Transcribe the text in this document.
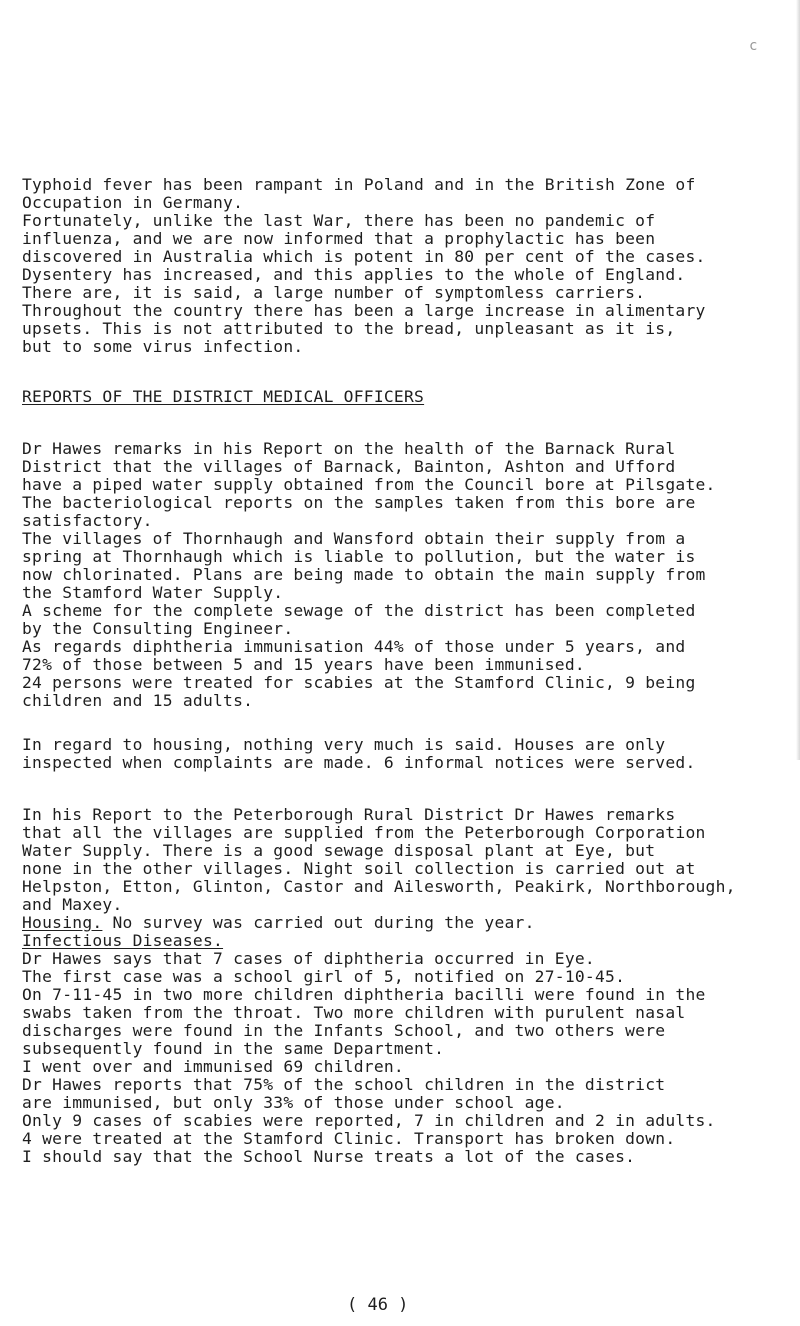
c
Typhoid fever has been rampant in Poland and in the British Zone of
Occupation in Germany.
Fortunately, unlike the last War, there has been no pandemic of
influenza, and we are now informed that a prophylactic has been
discovered in Australia which is potent in 80 per cent of the cases.
Dysentery has increased, and this applies to the whole of England.
There are, it is said, a large number of symptomless carriers.
Throughout the country there has been a large increase in alimentary
upsets. This is not attributed to the bread, unpleasant as it is,
but to some virus infection.
REPORTS OF THE DISTRICT MEDICAL OFFICERS
Dr Hawes remarks in his Report on the health of the Barnack Rural
District that the villages of Barnack, Bainton, Ashton and Ufford
have a piped water supply obtained from the Council bore at Pilsgate.
The bacteriological reports on the samples taken from this bore are
satisfactory.
The villages of Thornhaugh and Wansford obtain their supply from a
spring at Thornhaugh which is liable to pollution, but the water is
now chlorinated. Plans are being made to obtain the main supply from
the Stamford Water Supply.
A scheme for the complete sewage of the district has been completed
by the Consulting Engineer.
As regards diphtheria immunisation 44% of those under 5 years, and
72% of those between 5 and 15 years have been immunised.
24 persons were treated for scabies at the Stamford Clinic, 9 being
children and 15 adults.
In regard to housing, nothing very much is said. Houses are only
inspected when complaints are made. 6 informal notices were served.
In his Report to the Peterborough Rural District Dr Hawes remarks
that all the villages are supplied from the Peterborough Corporation
Water Supply. There is a good sewage disposal plant at Eye, but
none in the other villages. Night soil collection is carried out at
Helpston, Etton, Glinton, Castor and Ailesworth, Peakirk, Northborough,
and Maxey.
Housing. No survey was carried out during the year.
Infectious Diseases.
Dr Hawes says that 7 cases of diphtheria occurred in Eye.
The first case was a school girl of 5, notified on 27-10-45.
On 7-11-45 in two more children diphtheria bacilli were found in the
swabs taken from the throat. Two more children with purulent nasal
discharges were found in the Infants School, and two others were
subsequently found in the same Department.
I went over and immunised 69 children.
Dr Hawes reports that 75% of the school children in the district
are immunised, but only 33% of those under school age.
Only 9 cases of scabies were reported, 7 in children and 2 in adults.
4 were treated at the Stamford Clinic. Transport has broken down.
I should say that the School Nurse treats a lot of the cases.
( 46 )
